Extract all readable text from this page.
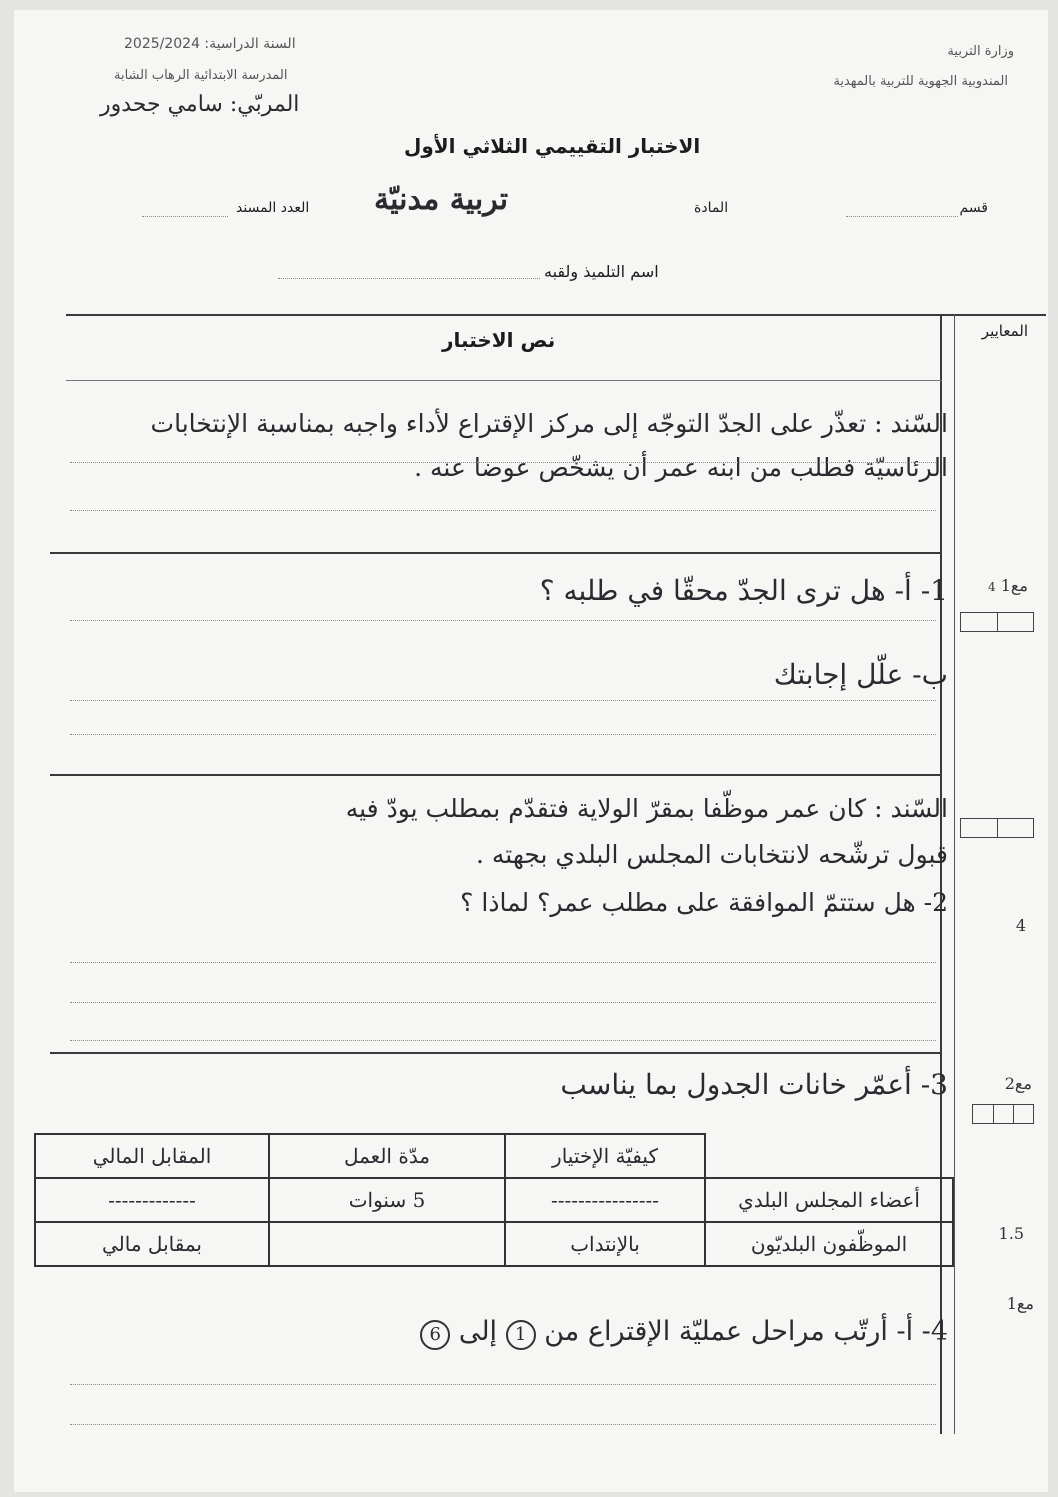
السنة الدراسية: 2025/2024
المدرسة الابتدائية الرهاب الشابة
المربّي: سامي جحدور
وزارة التربية
المندوبية الجهوية للتربية بالمهدية
الاختبار التقييمي الثلاثي الأول
قسم
المادة
تربية مدنيّة
العدد المسند
اسم التلميذ ولقبه
المعايير
نص الاختبار
السّند : تعذّر على الجدّ التوجّه إلى مركز الإقتراع لأداء واجبه بمناسبة الإنتخابات الرئاسيّة فطلب من ابنه عمر أن يشخّص عوضا عنه .
1- أ- هل ترى الجدّ محقّا في طلبه ؟
ب- علّل إجابتك
السّند : كان عمر موظّفا بمقرّ الولاية فتقدّم بمطلب يودّ فيه
قبول ترشّحه لانتخابات المجلس البلدي بجهته .
2- هل ستتمّ الموافقة على مطلب عمر؟ لماذا ؟
3- أعمّر خانات الجدول بما يناسب
4- أ- أرتّب مراحل عمليّة الإقتراع من 1 إلى 6
مع1 4
4
مع2
1.5
مع1
	كيفيّة الإختيار	مدّة العمل	المقابل المالي
أعضاء المجلس البلدي	----------------	5 سنوات	-------------
الموظّفون البلديّون	بالإنتداب		بمقابل مالي
